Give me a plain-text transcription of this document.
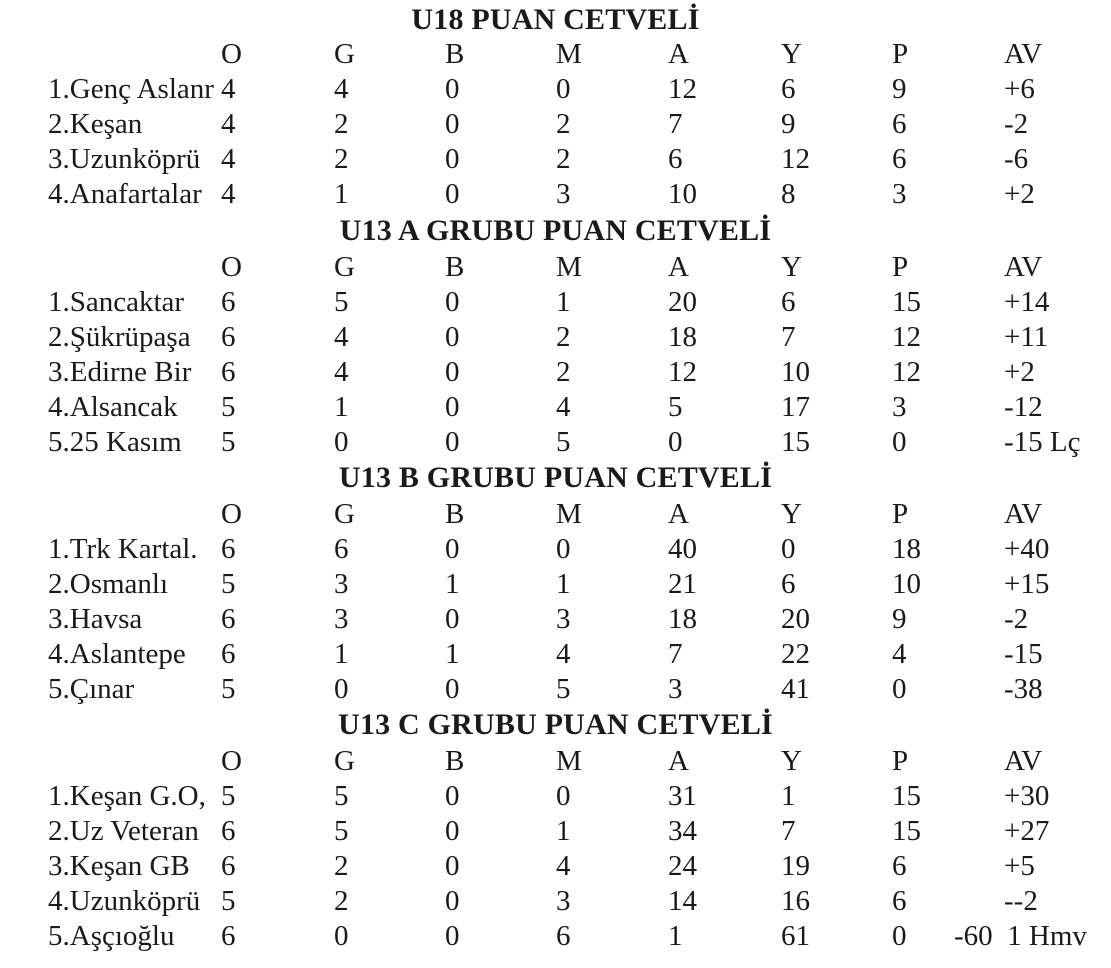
U18 PUAN CETVELİ
O	G	B	M	A	Y	P	AV
1.Genç Aslanr 4	4	0	0	12	6	9	+6
2.Keşan	4	2	0	2	7	9	6	-2
3.Uzunköprü 4	2	0	2	6	12	6	-6
4.Anafartalar 4	1	0	3	10	8	3	+2
U13 A GRUBU PUAN CETVELİ
O	G	B	M	A	Y	P	AV
1.Sancaktar 6	5	0	1	20	6	15	+14
2.Şükrüpaşa 6	4	0	2	18	7	12	+11
3.Edirne Bir 6	4	0	2	12	10	12	+2
4.Alsancak 5	1	0	4	5	17	3	-12
5.25 Kasım 5	0	0	5	0	15	0	-15 Lç
U13 B GRUBU PUAN CETVELİ
O	G	B	M	A	Y	P	AV
1.Trk Kartal. 6	6	0	0	40	0	18	+40
2.Osmanlı 5	3	1	1	21	6	10	+15
3.Havsa	6	3	0	3	18	20	9	-2
4.Aslantepe 6	1	1	4	7	22	4	-15
5.Çınar	5	0	0	5	3	41	0	-38
U13 C GRUBU PUAN CETVELİ
O	G	B	M	A	Y	P	AV
1.Keşan G.O, 5	5	0	0	31	1	15	+30
2.Uz Veteran 6	5	0	1	34	7	15	+27
3.Keşan GB 6	2	0	4	24	19	6	+5
4.Uzunköprü 5	2	0	3	14	16	6	--2
5.Aşçıoğlu 6	0	0	6	1	61	0 -60  1 Hmv
